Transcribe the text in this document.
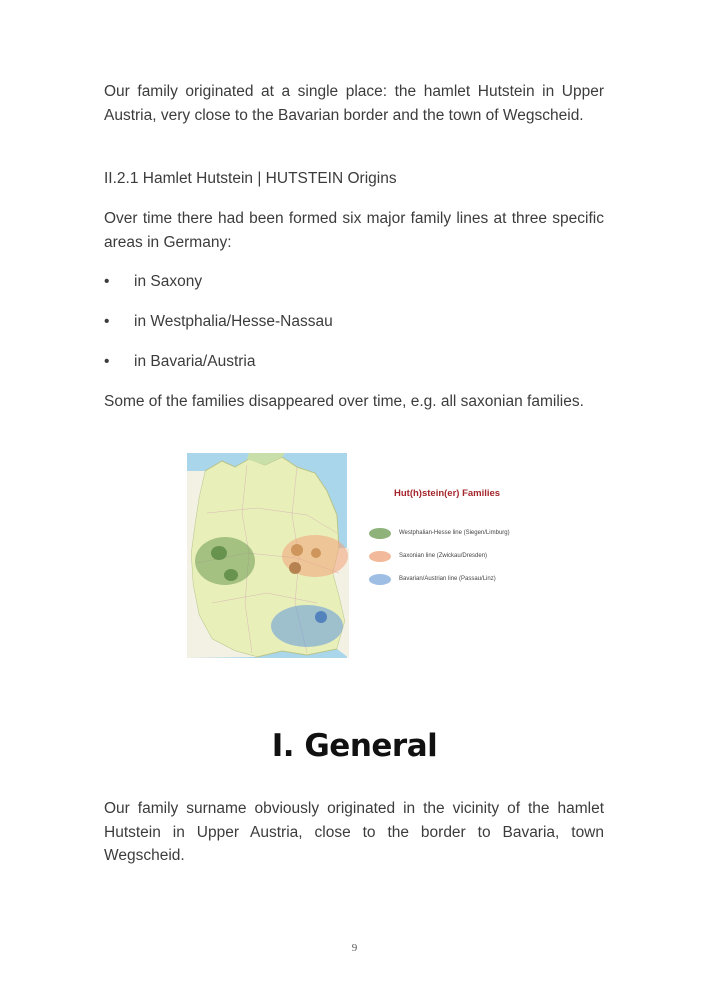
Our family originated at a single place: the hamlet Hutstein in Upper Austria, very close to the Bavarian border and the town of Wegscheid.

II.2.1 Hamlet Hutstein | HUTSTEIN Origins

Over time there had been formed six major family lines at three specific areas in Germany:

• in Saxony
• in Westphalia/Hesse-Nassau
• in Bavaria/Austria

Some of the families disappeared over time, e.g. all saxonian families.

Hut(h)stein(er) Families
Westphalian-Hesse line (Siegen/Limburg)
Saxonian line (Zwickau/Dresden)
Bavarian/Austrian line (Passau/Linz)
I. General

Our family surname obviously originated in the vicinity of the hamlet Hutstein in Upper Austria, close to the border to Bavaria, town Wegscheid.

9
